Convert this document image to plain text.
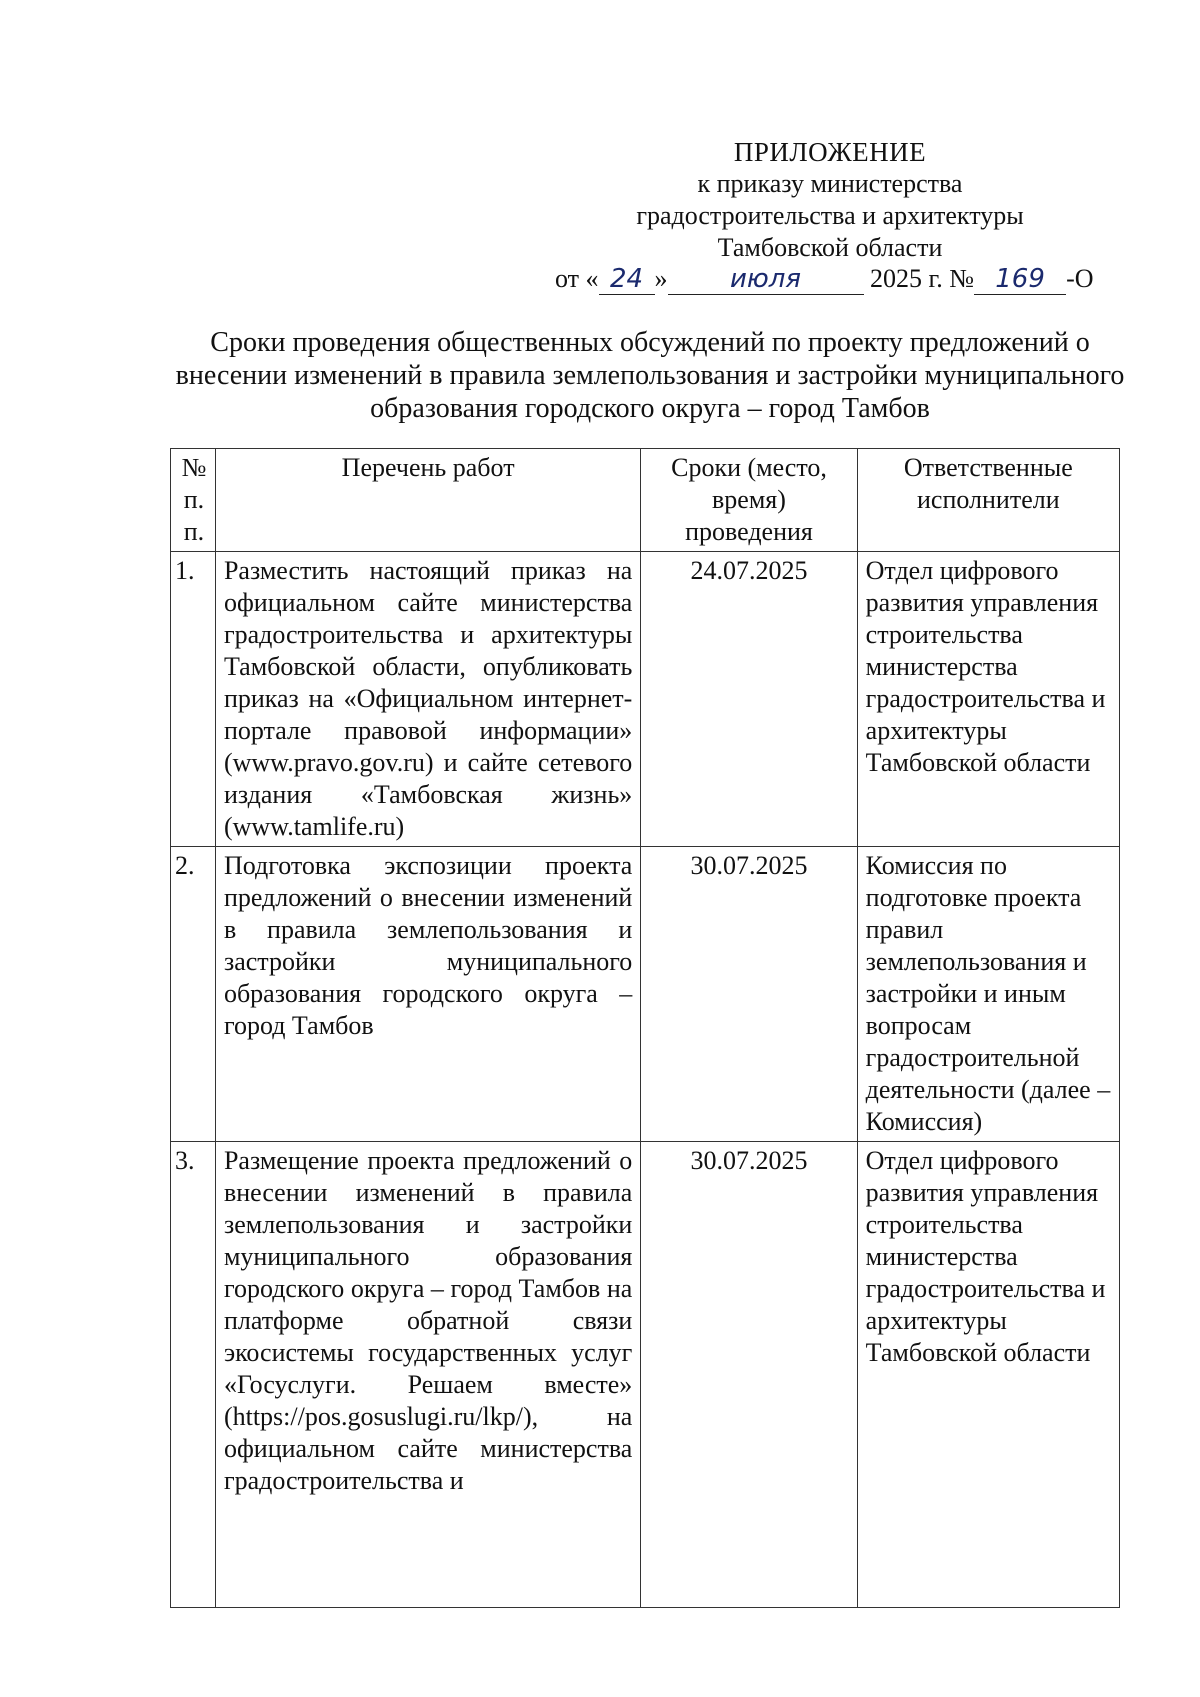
ПРИЛОЖЕНИЕ
к приказу министерства
градостроительства и архитектуры
Тамбовской области
от « 24 » июля	2025 г. № 169 -О
Сроки проведения общественных обсуждений по проекту предложений о внесении изменений в правила землепользования и застройки муниципального образования городского округа – город Тамбов
№ п. п.	Перечень работ	Сроки (место, время) проведения	Ответственные исполнители
1.	Разместить настоящий приказ на официальном сайте министерства градостроительства и архитектуры Тамбовской области, опубликовать приказ на «Официальном интернет-портале правовой информации» (www.pravo.gov.ru) и сайте сетевого издания «Тамбовская жизнь» (www.tamlife.ru)	24.07.2025	Отдел цифрового развития управления строительства министерства градостроительства и архитектуры Тамбовской области
2.	Подготовка экспозиции проекта предложений о внесении изменений в правила землепользования и застройки муниципального образования городского округа – город Тамбов	30.07.2025	Комиссия по подготовке проекта правил землепользования и застройки и иным вопросам градостроительной деятельности (далее – Комиссия)
3.	Размещение проекта предложений о внесении изменений в правила землепользования и застройки муниципального образования городского округа – город Тамбов на платформе обратной связи экосистемы государственных услуг «Госуслуги. Решаем вместе» (https://pos.gosuslugi.ru/lkp/), на официальном сайте министерства градостроительства и	30.07.2025	Отдел цифрового развития управления строительства министерства градостроительства и архитектуры Тамбовской области
